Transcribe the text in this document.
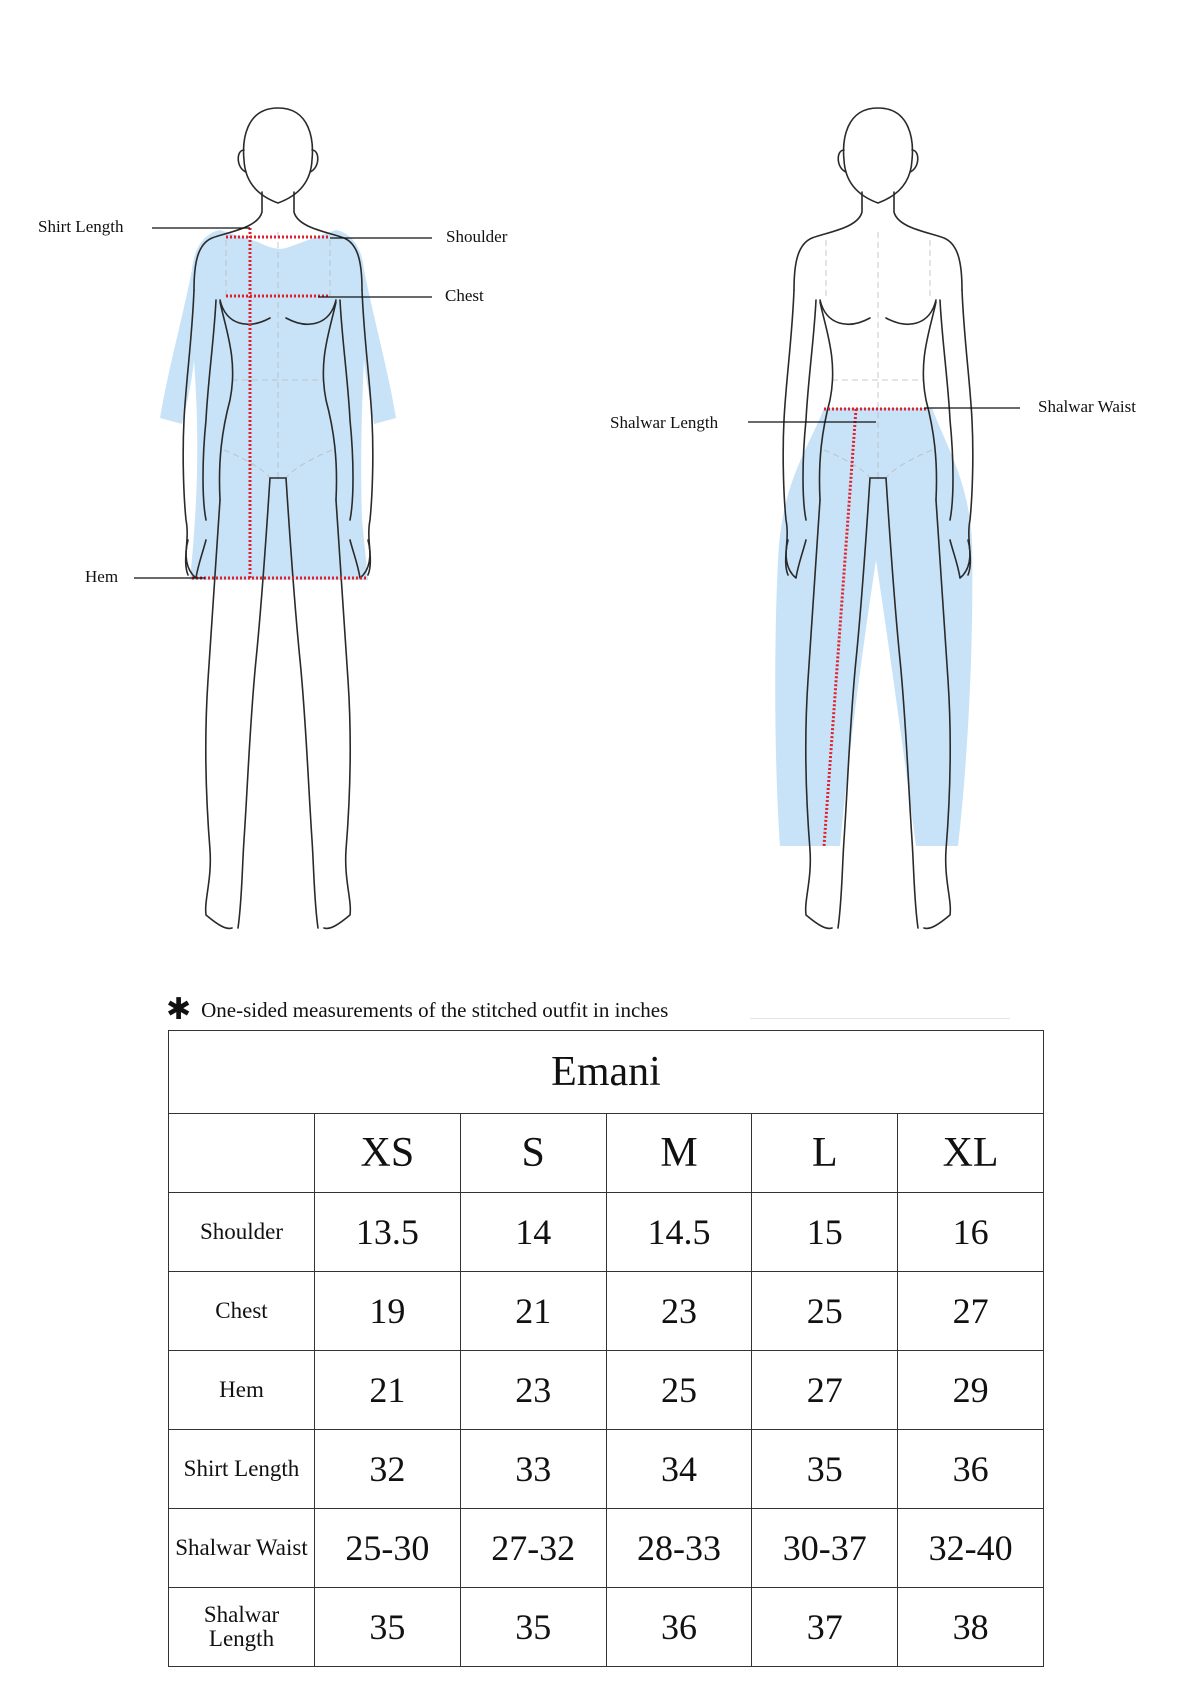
Shirt Length
Shoulder
Chest
Hem
Shalwar Waist
Shalwar Length
✱ One-sided measurements of the stitched outfit in inches
Emani					
	XS	S	M	L	XL
Shoulder	13.5	14	14.5	15	16
Chest	19	21	23	25	27
Hem	21	23	25	27	29
Shirt Length	32	33	34	35	36
Shalwar Waist	25-30	27-32	28-33	30-37	32-40
Shalwar Length	35	35	36	37	38
